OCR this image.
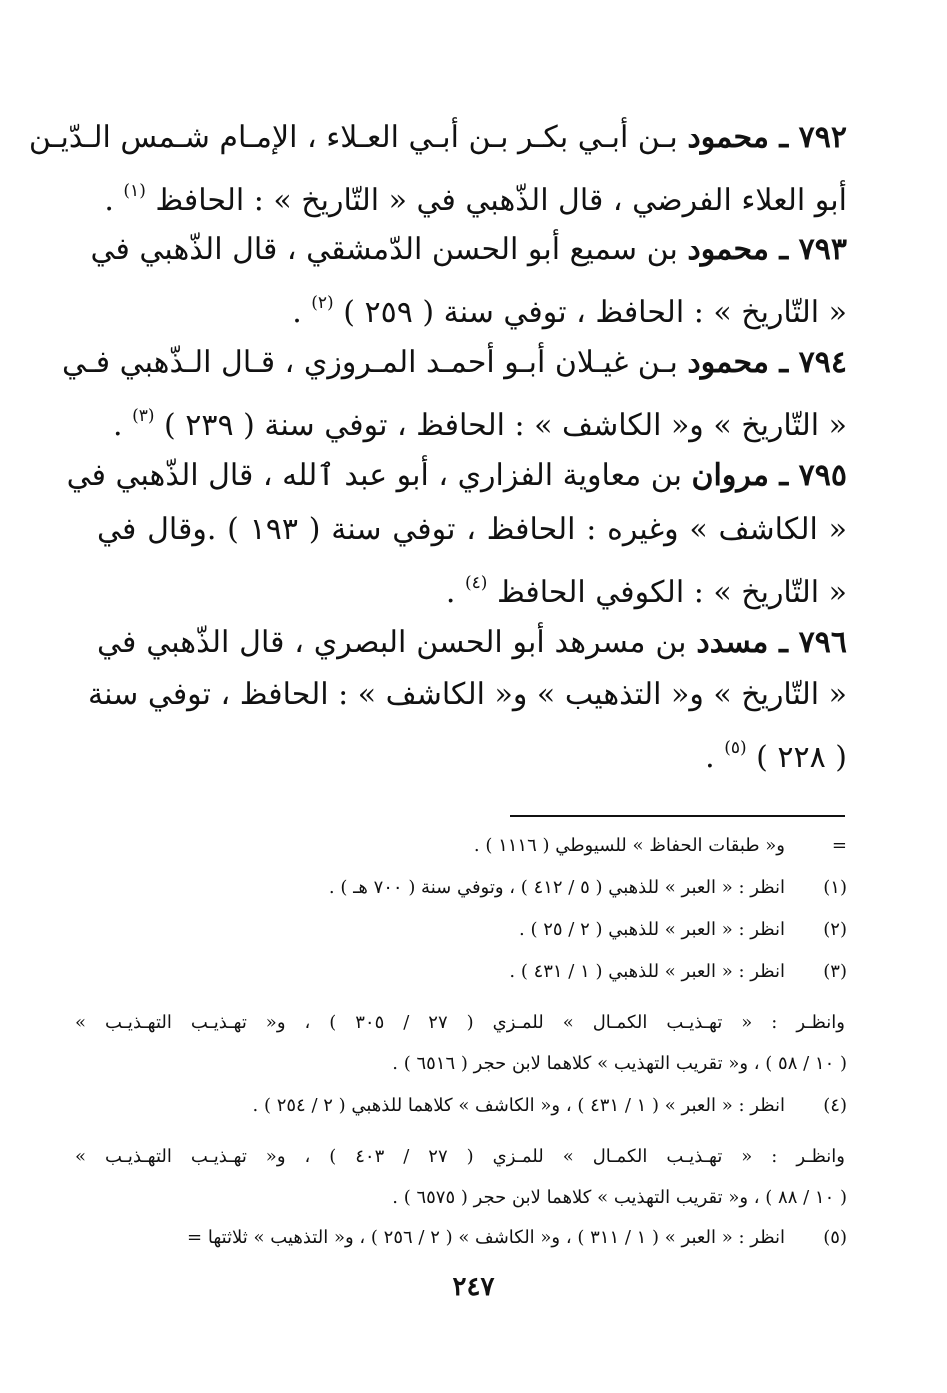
٧٩٢ ـ محمود بـن أبـي بكـر بـن أبـي العـلاء ، الإمـام شـمس الـدّيـن
أبو العلاء الفرضي ، قال الذّهبي في « التّاريخ » : الحافظ $^{(١)}$ .
٧٩٣ ـ محمود بن سميع أبو الحسن الدّمشقي ، قال الذّهبي في
« التّاريخ » : الحافظ ، توفي سنة ( ٢٥٩ ) $^{(٢)}$ .
٧٩٤ ـ محمود بـن غيـلان أبـو أحمـد المـروزي ، قـال الـذّهبي فـي
« التّاريخ » و« الكاشف » : الحافظ ، توفي سنة ( ٢٣٩ ) $^{(٣)}$ .
٧٩٥ ـ مروان بن معاوية الفزاري ، أبو عبد ٱلله ، قال الذّهبي في
« الكاشف » وغيره : الحافظ ، توفي سنة ( ١٩٣ ) .وقال في
« التّاريخ » : الكوفي الحافظ $^{(٤)}$ .
٧٩٦ ـ مسدد بن مسرهد أبو الحسن البصري ، قال الذّهبي في
« التّاريخ » و« التذهيب » و« الكاشف » : الحافظ ، توفي سنة
( ٢٢٨ ) $^{(٥)}$ .
=و« طبقات الحفاظ » للسيوطي ( ١١١٦ ) .
(١)انظر : « العبر » للذهبي ( ٥ / ٤١٢ ) ، وتوفي سنة ( ٧٠٠ هـ ) .
(٢)انظر : « العبر » للذهبي ( ٢ / ٢٥ ) .
(٣)انظر : « العبر » للذهبي ( ١ / ٤٣١ ) .
وانظـر : « تهـذيـب الكمـال » للمـزي ( ٢٧ / ٣٠٥ ) ، و« تهـذيـب التهـذيـب »
( ١٠ / ٥٨ ) ، و« تقريب التهذيب » كلاهما لابن حجر ( ٦٥١٦ ) .
(٤)انظر : « العبر » ( ١ / ٤٣١ ) ، و« الكاشف » كلاهما للذهبي ( ٢ / ٢٥٤ ) .
وانظـر : « تهـذيـب الكمـال » للمـزي ( ٢٧ / ٤٠٣ ) ، و« تهـذيـب التهـذيـب »
( ١٠ / ٨٨ ) ، و« تقريب التهذيب » كلاهما لابن حجر ( ٦٥٧٥ ) .
(٥)انظر : « العبر » ( ١ / ٣١١ ) ، و« الكاشف » ( ٢ / ٢٥٦ ) ، و« التذهيب » ثلاثتها =
٢٤٧
